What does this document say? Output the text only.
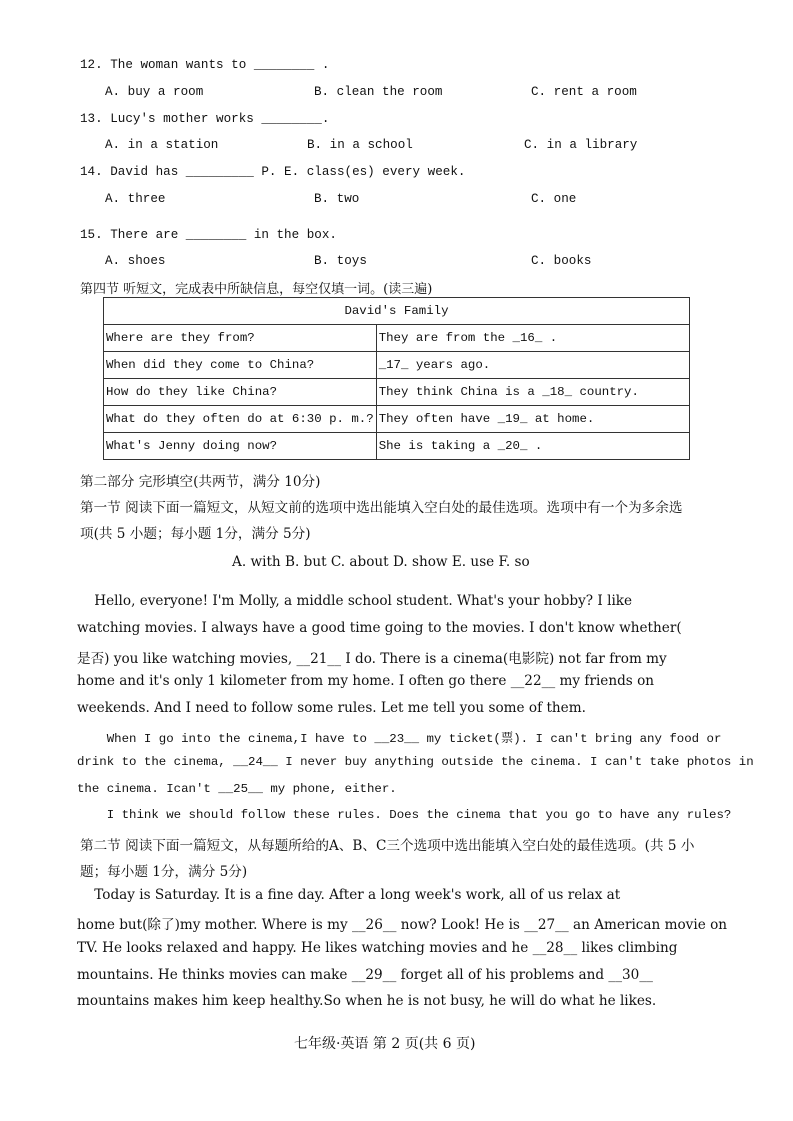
12. The woman wants to ________ .
A. buy a room	B. clean the room	C. rent a room
13. Lucy's mother works ________.
A. in a station	B. in a school	C. in a library
14. David has _________ P. E. class(es) every week.
A. three	B. two	C. one
15. There are ________ in the box.
A. shoes	B. toys	C. books
第四节 听短文，完成表中所缺信息，每空仅填一词。(读三遍)
David's Family	
Where are they from?	They are from the _16_ .
When did they come to China?	_17_ years ago.
How do they like China?	They think China is a _18_ country.
What do they often do at 6:30 p. m.?	They often have _19_ at home.
What's Jenny doing now?	She is taking a _20_ .
第二部分 完形填空(共两节，满分 10分)
第一节 阅读下面一篇短文，从短文前的选项中选出能填入空白处的最佳选项。选项中有一个为多余选
项(共 5 小题；每小题 1分，满分 5分)
A. with B. but C. about D. show E. use F. so
Hello, everyone! I'm Molly, a middle school student. What's your hobby? I like
watching movies. I always have a good time going to the movies. I don't know whether(
是否) you like watching movies, __21__ I do. There is a cinema(电影院) not far from my
home and it's only 1 kilometer from my home. I often go there __22__ my friends on
weekends. And I need to follow some rules. Let me tell you some of them.
When I go into the cinema,I have to __23__ my ticket(票). I can't bring any food or
drink to the cinema, __24__ I never buy anything outside the cinema. I can't take photos in
the cinema. Ican't __25__ my phone, either.
I think we should follow these rules. Does the cinema that you go to have any rules?
第二节 阅读下面一篇短文，从每题所给的A、B、C三个选项中选出能填入空白处的最佳选项。(共 5 小
题；每小题 1分，满分 5分)
Today is Saturday. It is a fine day. After a long week's work, all of us relax at
home but(除了)my mother. Where is my __26__ now? Look! He is __27__ an American movie on
TV. He looks relaxed and happy. He likes watching movies and he __28__ likes climbing
mountains. He thinks movies can make __29__ forget all of his problems and __30__
mountains makes him keep healthy.So when he is not busy, he will do what he likes.
七年级·英语 第 2 页(共 6 页)
